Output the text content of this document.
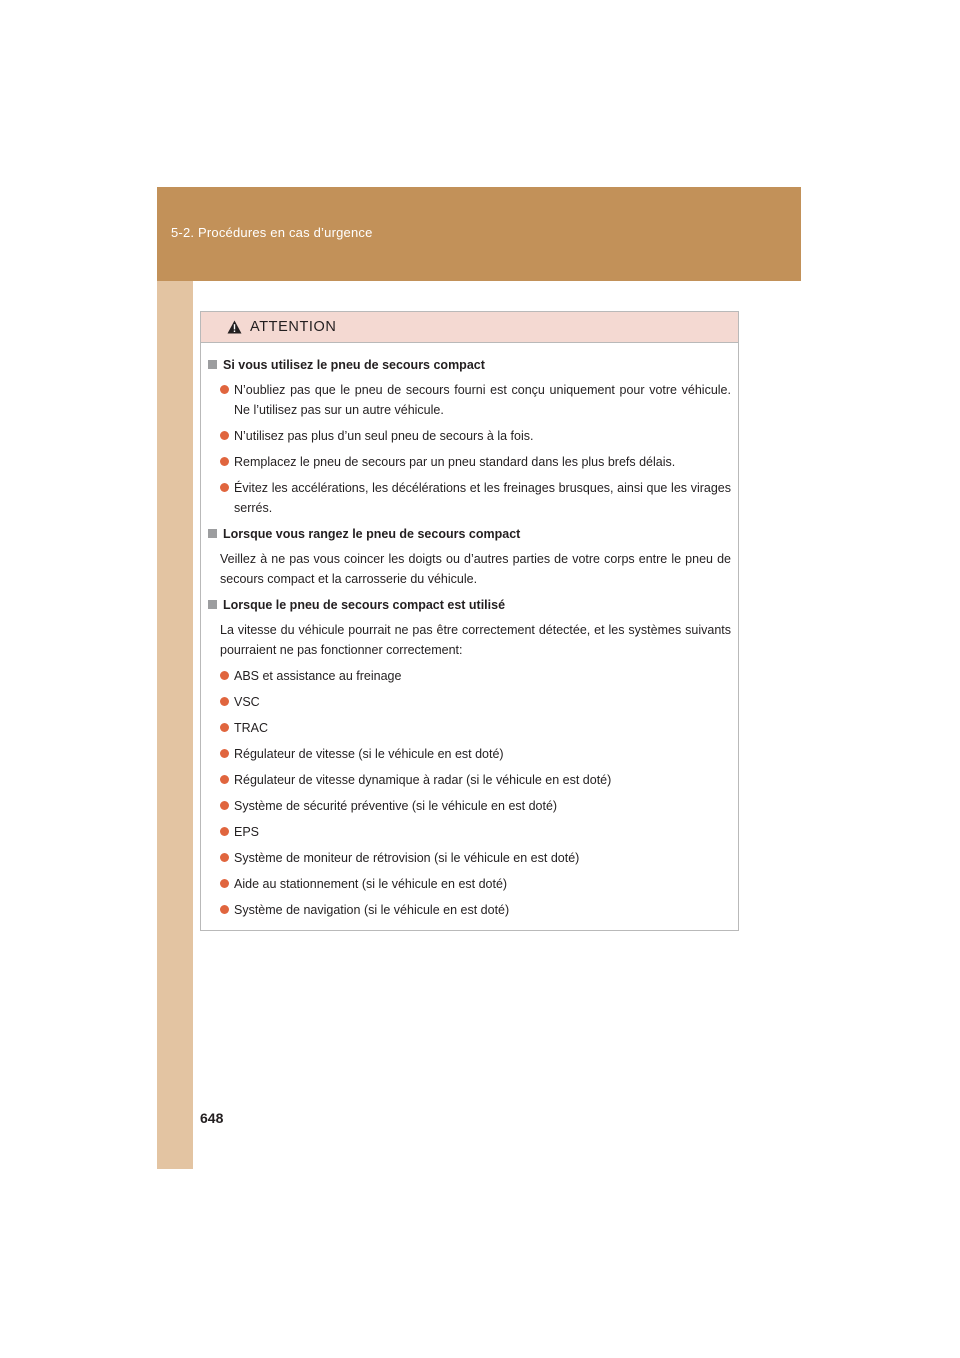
5-2. Procédures en cas d’urgence
ATTENTION
Si vous utilisez le pneu de secours compact
N’oubliez pas que le pneu de secours fourni est conçu uniquement pour votre véhicule. Ne l’utilisez pas sur un autre véhicule.
N’utilisez pas plus d’un seul pneu de secours à la fois.
Remplacez le pneu de secours par un pneu standard dans les plus brefs délais.
Évitez les accélérations, les décélérations et les freinages brusques, ainsi que les virages serrés.
Lorsque vous rangez le pneu de secours compact
Veillez à ne pas vous coincer les doigts ou d’autres parties de votre corps entre le pneu de secours compact et la carrosserie du véhicule.
Lorsque le pneu de secours compact est utilisé
La vitesse du véhicule pourrait ne pas être correctement détectée, et les systèmes suivants pourraient ne pas fonctionner correctement:
ABS et assistance au freinage
VSC
TRAC
Régulateur de vitesse (si le véhicule en est doté)
Régulateur de vitesse dynamique à radar (si le véhicule en est doté)
Système de sécurité préventive (si le véhicule en est doté)
EPS
Système de moniteur de rétrovision (si le véhicule en est doté)
Aide au stationnement (si le véhicule en est doté)
Système de navigation (si le véhicule en est doté)
648
